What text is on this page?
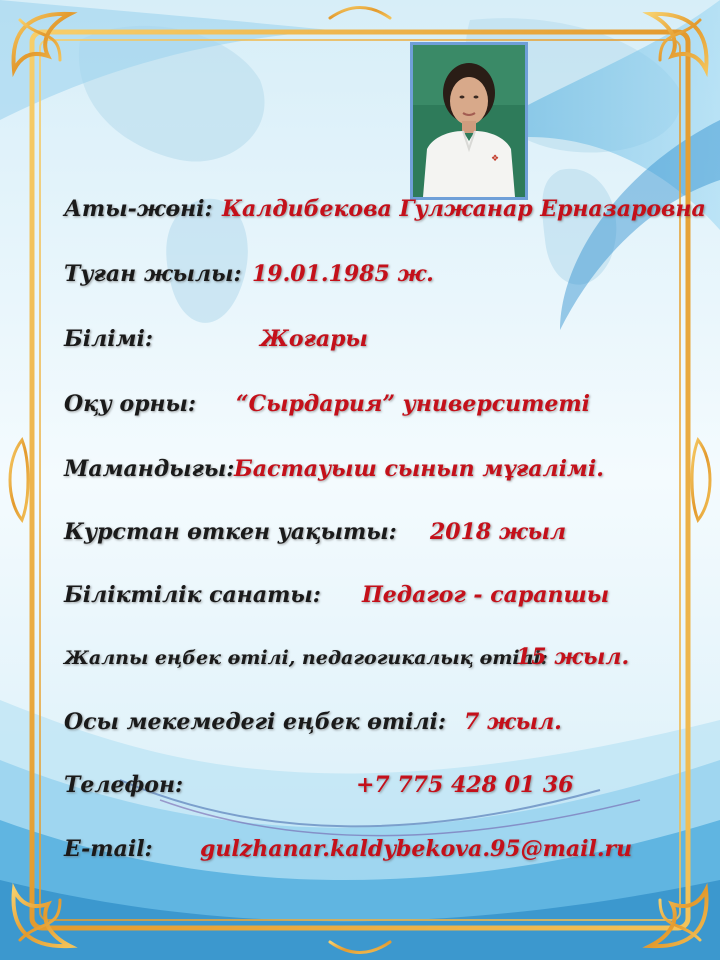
❖
Аты-жөні: Калдибекова Гулжанар Ерназаровна
Туған жылы: 19.01.1985 ж.
Білімі:	Жоғары
Оқу орны: “Сырдария” университеті
Мамандығы: Бастауыш сынып мұғалімі.
Курстан өткен уақыты: 2018 жыл
Біліктілік санаты: Педагог - сарапшы
Жалпы еңбек өтілі, педагогикалық өтілі:
15 жыл.
Осы мекемедегі еңбек өтілі: 7 жыл.
Телефон:	+7 775 428 01 36
E-mail: gulzhanar.kaldybekova.95@mail.ru
